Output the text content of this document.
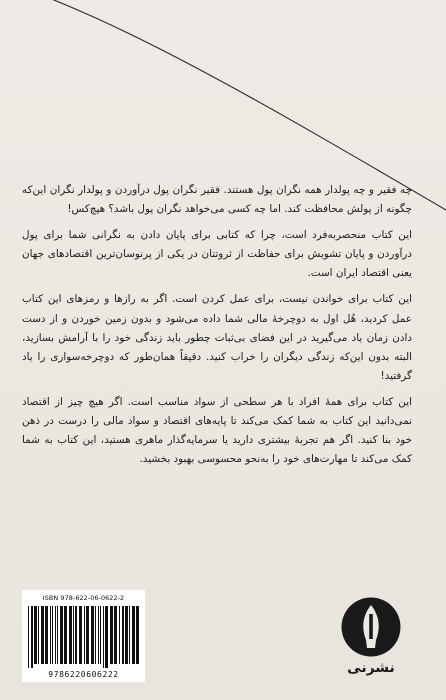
چه فقیر و چه پولدار همه نگران پول هستند. فقیر نگران پول درآوردن و پولدار نگران این‌که چگونه از پولش محافظت کند. اما چه کسی می‌خواهد نگران پول باشد؟ هیچ‌کس!

این کتاب منحصربه‌فرد است، چرا که کتابی برای پایان دادن به نگرانی شما برای پول درآوردن و پایان تشویش برای حفاظت از ثروتتان در یکی از پرنوسان‌ترین اقتصادهای جهان یعنی اقتصاد ایران است.

این کتاب برای خواندن نیست، برای عمل کردن است. اگر به رازها و رمزهای این کتاب عمل کردید، هُل اول به دوچرخهٔ مالی شما داده می‌شود و بدون زمین خوردن و از دست دادن زمان یاد می‌گیرید در این فضای بی‌ثبات چطور باید زندگی خود را با آرامش بسازید، البته بدون این‌که زندگی دیگران را خراب کنید. دقیقاً همان‌طور که دوچرخه‌سواری را یاد گرفتید!

این کتاب برای همهٔ افراد با هر سطحی از سواد مناسب است. اگر هیچ چیز از اقتصاد نمی‌دانید این کتاب به شما کمک می‌کند تا پایه‌های اقتصاد و سواد مالی را درست در ذهن خود بنا کنید. اگر هم تجربهٔ بیشتری دارید یا سرمایه‌گذار ماهری هستید، این کتاب به شما کمک می‌کند تا مهارت‌های خود را به‌نحو محسوسی بهبود بخشید.

ISBN 978-622-06-0622-2
9786220606222	نشرنی
